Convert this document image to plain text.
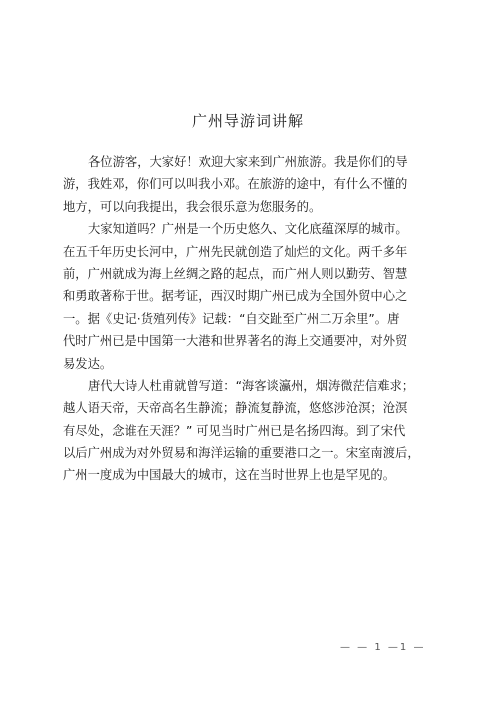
广州导游词讲解
各位游客，大家好！欢迎大家来到广州旅游。我是你们的导
游，我姓邓，你们可以叫我小邓。在旅游的途中，有什么不懂的
地方，可以向我提出，我会很乐意为您服务的。
大家知道吗？广州是一个历史悠久、文化底蕴深厚的城市。
在五千年历史长河中，广州先民就创造了灿烂的文化。两千多年
前，广州就成为海上丝绸之路的起点，而广州人则以勤劳、智慧
和勇敢著称于世。据考证，西汉时期广州已成为全国外贸中心之
一。据《史记·货殖列传》记载：“自交趾至广州二万余里”。唐
代时广州已是中国第一大港和世界著名的海上交通要冲，对外贸
易发达。
唐代大诗人杜甫就曾写道：“海客谈瀛州，烟涛微茫信难求；
越人语天帝，天帝高名生静流；静流复静流，悠悠涉沧溟；沧溟
有尽处，念谁在天涯？” 可见当时广州已是名扬四海。到了宋代
以后广州成为对外贸易和海洋运输的重要港口之一。宋室南渡后，
广州一度成为中国最大的城市，这在当时世界上也是罕见的。
— — 1 —1 —
